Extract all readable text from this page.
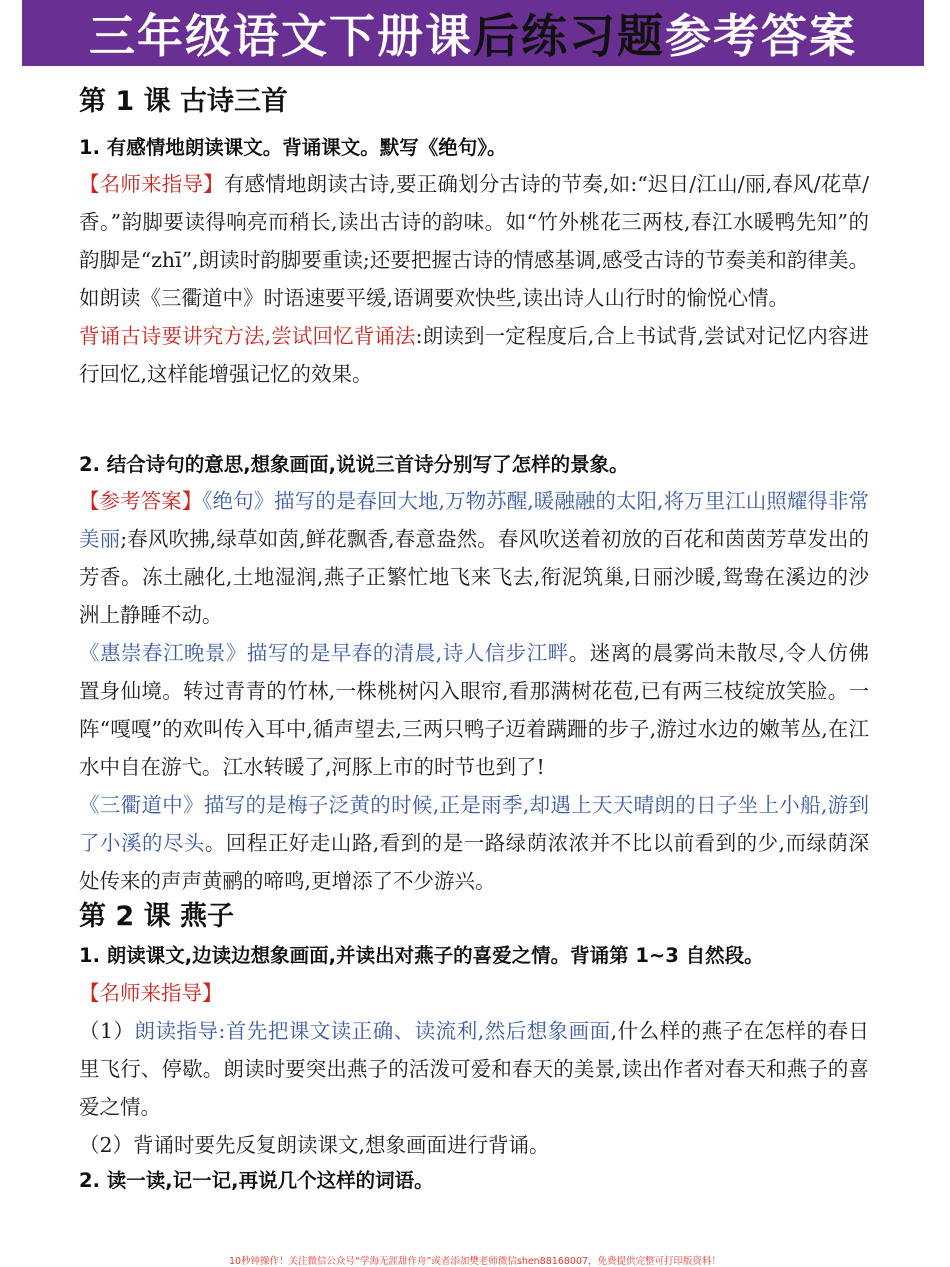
三年级语文下册课 后练习题 参考答案
第 1 课 古诗三首

1. 有感情地朗读课文。背诵课文。默写《绝句》。

【名师来指导】有感情地朗读古诗,要正确划分古诗的节奏,如:“迟日/江山/丽,春风/花草/香。”韵脚要读得响亮而稍长,读出古诗的韵味。如“竹外桃花三两枝,春江水暖鸭先知”的韵脚是“zhī”,朗读时韵脚要重读;还要把握古诗的情感基调,感受古诗的节奏美和韵律美。如朗读《三衢道中》时语速要平缓,语调要欢快些,读出诗人山行时的愉悦心情。

背诵古诗要讲究方法,尝试回忆背诵法:朗读到一定程度后,合上书试背,尝试对记忆内容进行回忆,这样能增强记忆的效果。

2. 结合诗句的意思,想象画面,说说三首诗分别写了怎样的景象。

【参考答案】《绝句》描写的是春回大地,万物苏醒,暖融融的太阳,将万里江山照耀得非常美丽;春风吹拂,绿草如茵,鲜花飘香,春意盎然。春风吹送着初放的百花和茵茵芳草发出的芳香。冻土融化,土地湿润,燕子正繁忙地飞来飞去,衔泥筑巢,日丽沙暖,鸳鸯在溪边的沙洲上静睡不动。

《惠崇春江晚景》描写的是早春的清晨,诗人信步江畔。迷离的晨雾尚未散尽,令人仿佛置身仙境。转过青青的竹林,一株桃树闪入眼帘,看那满树花苞,已有两三枝绽放笑脸。一阵“嘎嘎”的欢叫传入耳中,循声望去,三两只鸭子迈着蹒跚的步子,游过水边的嫩苇丛,在江水中自在游弋。江水转暖了,河豚上市的时节也到了!

《三衢道中》描写的是梅子泛黄的时候,正是雨季,却遇上天天晴朗的日子坐上小船,游到了小溪的尽头。回程正好走山路,看到的是一路绿荫浓浓并不比以前看到的少,而绿荫深处传来的声声黄鹂的啼鸣,更增添了不少游兴。

第 2 课 燕子

1. 朗读课文,边读边想象画面,并读出对燕子的喜爱之情。背诵第 1~3 自然段。

【名师来指导】

（1）朗读指导:首先把课文读正确、读流利,然后想象画面,什么样的燕子在怎样的春日里飞行、停歇。朗读时要突出燕子的活泼可爱和春天的美景,读出作者对春天和燕子的喜爱之情。

（2）背诵时要先反复朗读课文,想象画面进行背诵。

2. 读一读,记一记,再说几个这样的词语。

10秒钟操作！关注微信公众号“学海无涯甜作舟”或者添加樊老师微信shen88168007，免费提供完整可打印版资料！
